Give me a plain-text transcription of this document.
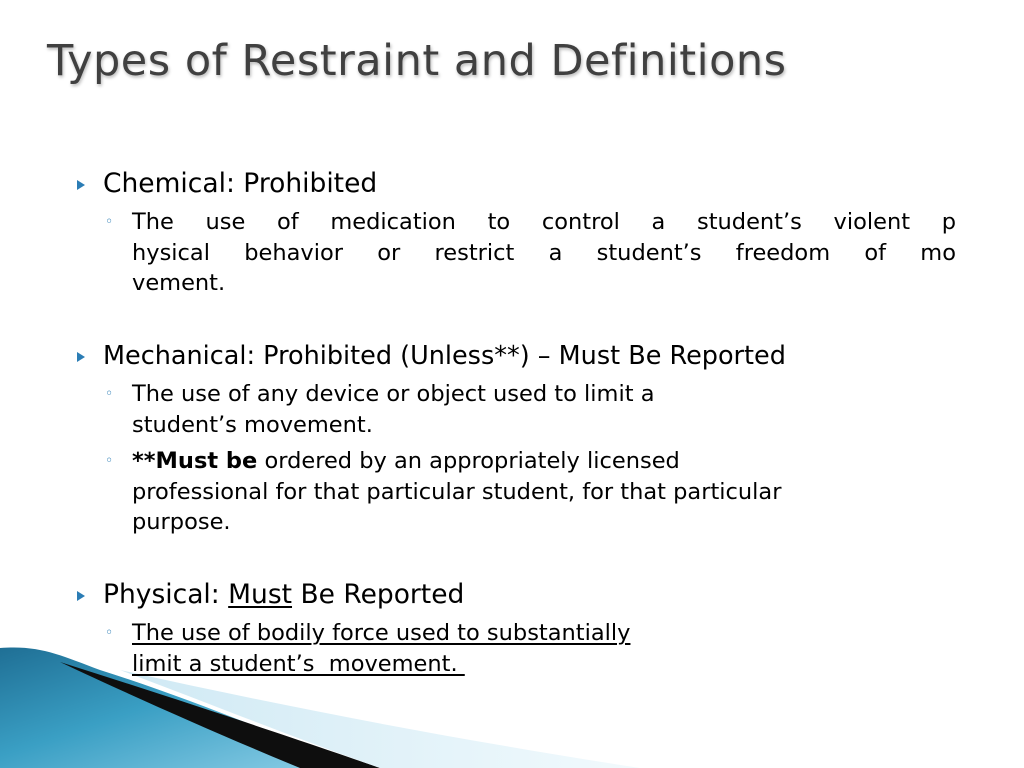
Types of Restraint and Definitions

Chemical: Prohibited

◦ The use of medication to control a student’s violent p
hysical behavior or restrict a student’s freedom of mo
vement.

Mechanical: Prohibited (Unless**) – Must Be Reported

◦ The use of any device or object used to limit a
student’s movement.
◦ **Must be ordered by an appropriately licensed
professional for that particular student, for that particular
purpose.

Physical: Must Be Reported

◦ The use of bodily force used to substantially
limit a student’s  movement.
